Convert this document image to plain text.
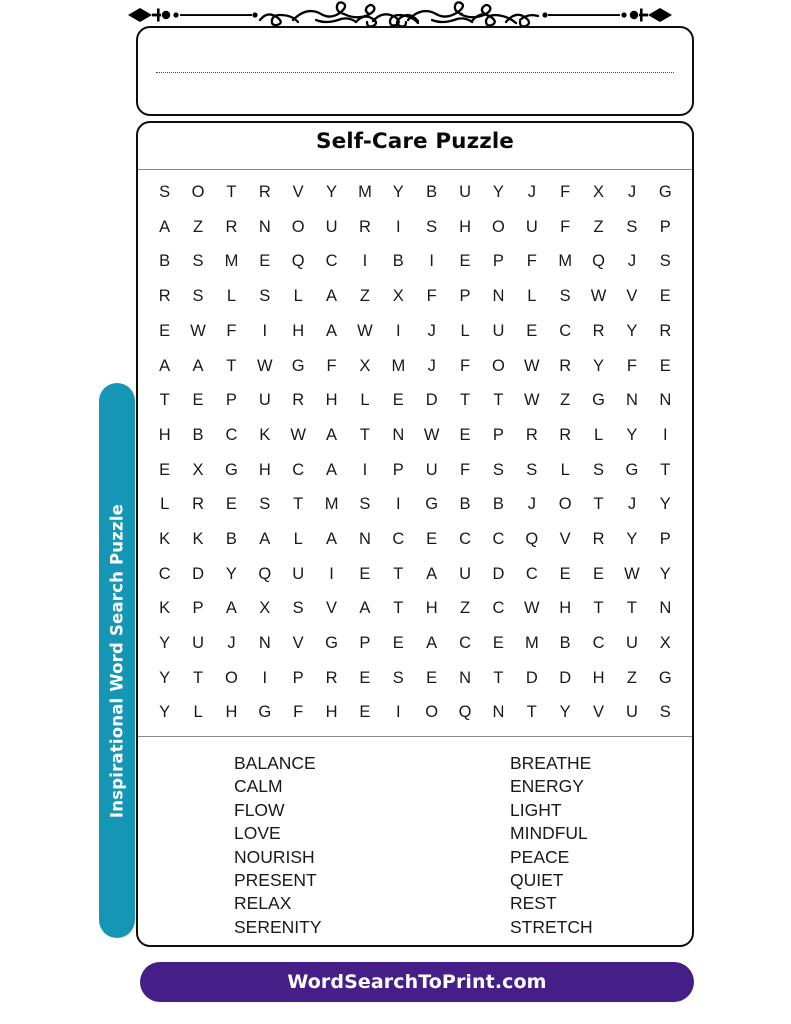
Self-Care Puzzle
S O T R V Y M Y B U Y J F X J G
A Z R N O U R I S H O U F Z S P
B S M E Q C I B I E P F M Q J S
R S L S L A Z X F P N L S W V E
E W F I H A W I J L U E C R Y R
A A T W G F X M J F O W R Y F E
T E P U R H L E D T T W Z G N N
H B C K W A T N W E P R R L Y I
E X G H C A I P U F S S L S G T
L R E S T M S I G B B J O T J Y
K K B A L A N C E C C Q V R Y P
C D Y Q U I E T A U D C E E W Y
K P A X S V A T H Z C W H T T N
Y U J N V G P E A C E M B C U X
Y T O I P R E S E N T D D H Z G
Y L H G F H E I O Q N T Y V U S
BALANCE
CALM
FLOW
LOVE
NOURISH
PRESENT
RELAX
SERENITY
BREATHE
ENERGY
LIGHT
MINDFUL
PEACE
QUIET
REST
STRETCH
Inspirational Word Search Puzzle
WordSearchToPrint.com
